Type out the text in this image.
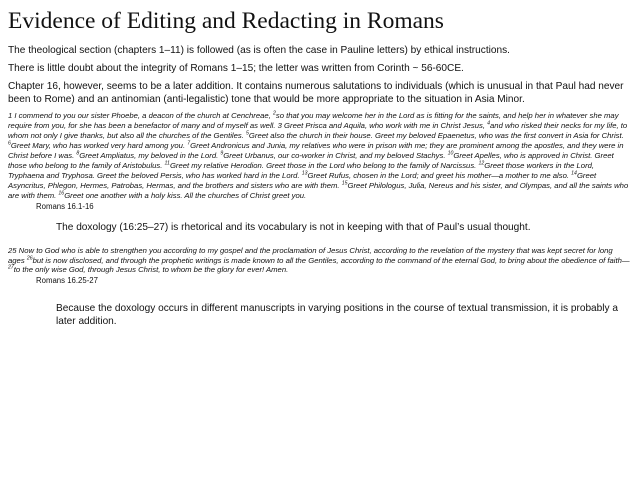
Evidence of Editing and Redacting in Romans

The theological section (chapters 1–11) is followed (as is often the case in Pauline letters) by ethical instructions.

There is little doubt about the integrity of Romans 1–15; the letter was written from Corinth ~ 56-60CE.

Chapter 16, however, seems to be a later addition. It contains numerous salutations to individuals (which is unusual in that Paul had never been to Rome) and an antinomian (anti-legalistic) tone that would be more appropriate to the situation in Asia Minor.

1 I commend to you our sister Phoebe, a deacon of the church at Cenchreae, $^2$so that you may welcome her in the Lord as is fitting for the saints, and help her in whatever she may require from you, for she has been a benefactor of many and of myself as well. 3 Greet Prisca and Aquila, who work with me in Christ Jesus, $^4$and who risked their necks for my life, to whom not only I give thanks, but also all the churches of the Gentiles. $^5$Greet also the church in their house. Greet my beloved Epaenetus, who was the first convert in Asia for Christ. $^6$Greet Mary, who has worked very hard among you. $^7$Greet Andronicus and Junia, my relatives who were in prison with me; they are prominent among the apostles, and they were in Christ before I was. $^8$Greet Ampliatus, my beloved in the Lord. $^9$Greet Urbanus, our co-worker in Christ, and my beloved Stachys. $^{10}$Greet Apelles, who is approved in Christ. Greet those who belong to the family of Aristobulus. $^{11}$Greet my relative Herodion. Greet those in the Lord who belong to the family of Narcissus. $^{12}$Greet those workers in the Lord, Tryphaena and Tryphosa. Greet the beloved Persis, who has worked hard in the Lord. $^{13}$Greet Rufus, chosen in the Lord; and greet his mother—a mother to me also. $^{14}$Greet Asyncritus, Phlegon, Hermes, Patrobas, Hermas, and the brothers and sisters who are with them. $^{15}$Greet Philologus, Julia, Nereus and his sister, and Olympas, and all the saints who are with them. $^{16}$Greet one another with a holy kiss. All the churches of Christ greet you.

Romans 16.1-16

The doxology (16:25–27) is rhetorical and its vocabulary is not in keeping with that of Paul’s usual thought.

25 Now to God who is able to strengthen you according to my gospel and the proclamation of Jesus Christ, according to the revelation of the mystery that was kept secret for long ages $^{26}$but is now disclosed, and through the prophetic writings is made known to all the Gentiles, according to the command of the eternal God, to bring about the obedience of faith— $^{27}$to the only wise God, through Jesus Christ, to whom be the glory for ever! Amen.

Romans 16.25-27

Because the doxology occurs in different manuscripts in varying positions in the course of textual transmission, it is probably a later addition.
